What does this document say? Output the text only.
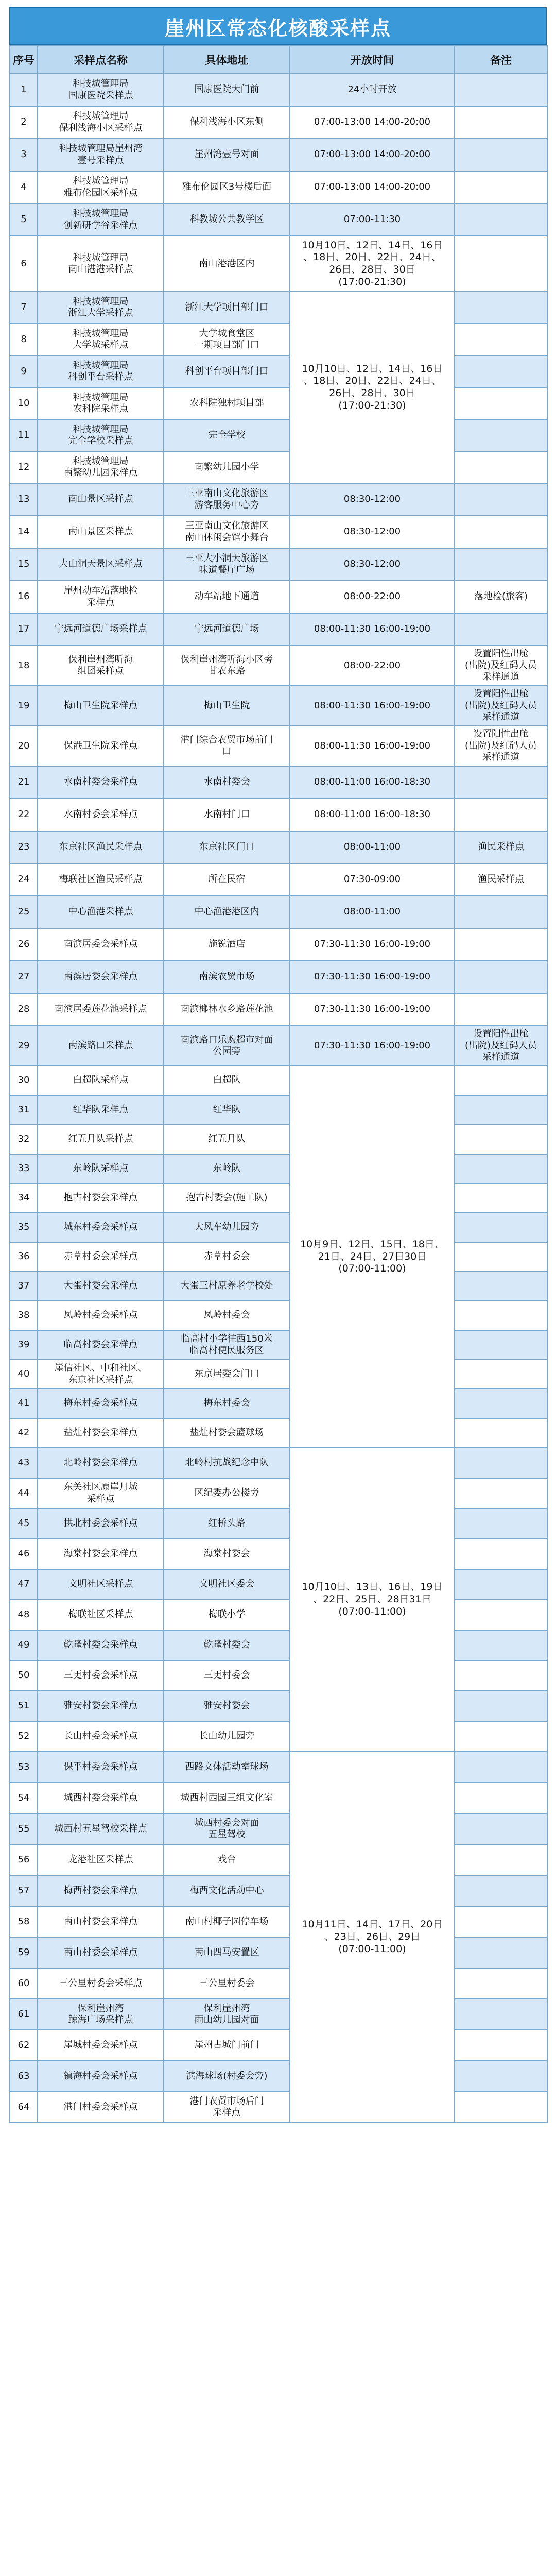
崖州区常态化核酸采样点
序号	采样点名称	具体地址	开放时间	备注
1	科技城管理局
国康医院采样点	国康医院大门前	24小时开放	
2	科技城管理局
保利浅海小区采样点	保利浅海小区东侧	07:00-13:00 14:00-20:00	
3	科技城管理局崖州湾
壹号采样点	崖州湾壹号对面	07:00-13:00 14:00-20:00	
4	科技城管理局
雅布伦园区采样点	雅布伦园区3号楼后面	07:00-13:00 14:00-20:00	
5	科技城管理局
创新研学谷采样点	科教城公共教学区	07:00-11:30	
6	科技城管理局
南山港港采样点	南山港港区内	10月10日、12日、14日、16日
、18日、20日、22日、24日、
26日、28日、30日
(17:00-21:30)	
7	科技城管理局
浙江大学采样点	浙江大学项目部门口	10月10日、12日、14日、16日
、18日、20日、22日、24日、
26日、28日、30日
(17:00-21:30)	
8	科技城管理局
大学城采样点	大学城食堂区
一期项目部门口		
9	科技城管理局
科创平台采样点	科创平台项目部门口		
10	科技城管理局
农科院采样点	农科院独村项目部		
11	科技城管理局
完全学校采样点	完全学校		
12	科技城管理局
南繁幼儿园采样点	南繁幼儿园小学		
13	南山景区采样点	三亚南山文化旅游区
游客服务中心旁	08:30-12:00	
14	南山景区采样点	三亚南山文化旅游区
南山休闲会馆小舞台	08:30-12:00	
15	大山洞天景区采样点	三亚大小洞天旅游区
味道餐厅广场	08:30-12:00	
16	崖州动车站落地检
采样点	动车站地下通道	08:00-22:00	落地检(旅客)
17	宁远河道德广场采样点	宁远河道德广场	08:00-11:30 16:00-19:00	
18	保利崖州湾听海
组团采样点	保利崖州湾听海小区旁
甘农东路	08:00-22:00	设置阳性出舱
(出院)及红码人员
采样通道
19	梅山卫生院采样点	梅山卫生院	08:00-11:30 16:00-19:00	设置阳性出舱
(出院)及红码人员
采样通道
20	保港卫生院采样点	港门综合农贸市场前门
口	08:00-11:30 16:00-19:00	设置阳性出舱
(出院)及红码人员
采样通道
21	水南村委会采样点	水南村委会	08:00-11:00 16:00-18:30	
22	水南村委会采样点	水南村门口	08:00-11:00 16:00-18:30	
23	东京社区渔民采样点	东京社区门口	08:00-11:00	渔民采样点
24	梅联社区渔民采样点	所在民宿	07:30-09:00	渔民采样点
25	中心渔港采样点	中心渔港港区内	08:00-11:00	
26	南滨居委会采样点	施锐酒店	07:30-11:30 16:00-19:00	
27	南滨居委会采样点	南滨农贸市场	07:30-11:30 16:00-19:00	
28	南滨居委莲花池采样点	南滨椰林水乡路莲花池	07:30-11:30 16:00-19:00	
29	南滨路口采样点	南滨路口乐购超市对面
公园旁	07:30-11:30 16:00-19:00	设置阳性出舱
(出院)及红码人员
采样通道
30	白超队采样点	白超队	10月9日、12日、15日、18日、
21日、24日、27日30日
(07:00-11:00)	
31	红华队采样点	红华队		
32	红五月队采样点	红五月队		
33	东岭队采样点	东岭队		
34	抱古村委会采样点	抱古村委会(施工队)		
35	城东村委会采样点	大风车幼儿园旁		
36	赤草村委会采样点	赤草村委会		
37	大蛋村委会采样点	大蛋三村原养老学校处		
38	凤岭村委会采样点	凤岭村委会		
39	临高村委会采样点	临高村小学往西150米
临高村便民服务区		
40	崖信社区、中和社区、
东京社区采样点	东京居委会门口		
41	梅东村委会采样点	梅东村委会		
42	盐灶村委会采样点	盐灶村委会篮球场		
43	北岭村委会采样点	北岭村抗战纪念中队	10月10日、13日、16日、19日
、22日、25日、28日31日
(07:00-11:00)	
44	东关社区原崖月城
采样点	区纪委办公楼旁		
45	拱北村委会采样点	红桥头路		
46	海棠村委会采样点	海棠村委会		
47	文明社区采样点	文明社区委会		
48	梅联社区采样点	梅联小学		
49	乾隆村委会采样点	乾隆村委会		
50	三更村委会采样点	三更村委会		
51	雅安村委会采样点	雅安村委会		
52	长山村委会采样点	长山幼儿园旁		
53	保平村委会采样点	西路文体活动室球场	10月11日、14日、17日、20日
、23日、26日、29日
(07:00-11:00)	
54	城西村委会采样点	城西村西园三组文化室		
55	城西村五星驾校采样点	城西村委会对面
五星驾校		
56	龙港社区采样点	戏台		
57	梅西村委会采样点	梅西文化活动中心		
58	南山村委会采样点	南山村椰子园停车场		
59	南山村委会采样点	南山四马安置区		
60	三公里村委会采样点	三公里村委会		
61	保利崖州湾
鲸海广场采样点	保利崖州湾
雨山幼儿园对面		
62	崖城村委会采样点	崖州古城门前门		
63	镇海村委会采样点	滨海球场(村委会旁)		
64	港门村委会采样点	港门农贸市场后门
采样点		
